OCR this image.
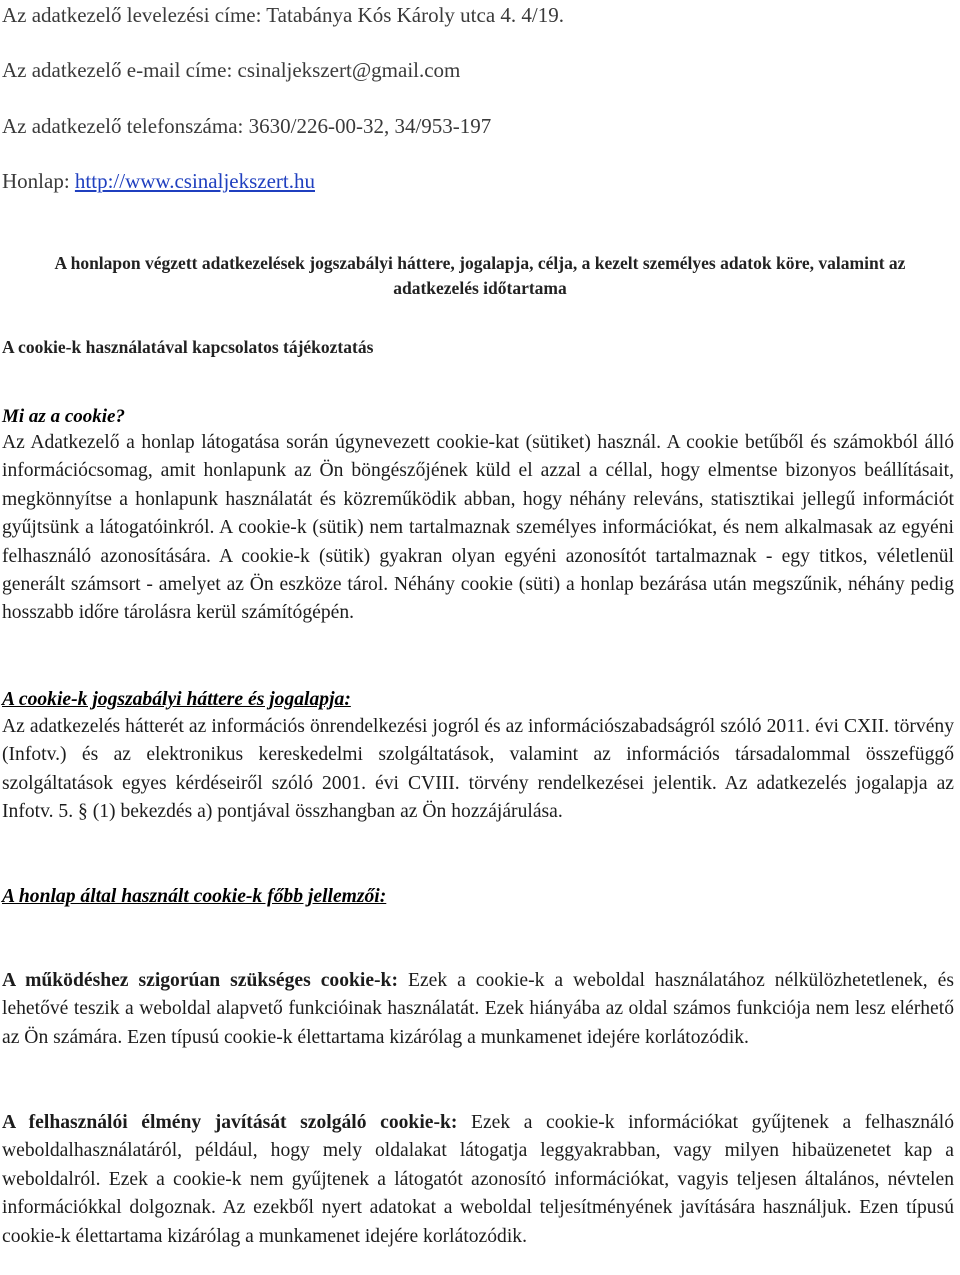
Az adatkezelő levelezési címe: Tatabánya Kós Károly utca 4. 4/19.
Az adatkezelő e-mail címe: csinaljekszert@gmail.com
Az adatkezelő telefonszáma: 3630/226-00-32, 34/953-197
Honlap: http://www.csinaljekszert.hu
A honlapon végzett adatkezelések jogszabályi háttere, jogalapja, célja, a kezelt személyes adatok köre, valamint az
adatkezelés időtartama
A cookie-k használatával kapcsolatos tájékoztatás
Mi az a cookie?
Az Adatkezelő a honlap látogatása során úgynevezett cookie-kat (sütiket) használ. A cookie betűből és számokból álló információcsomag, amit honlapunk az Ön böngészőjének küld el azzal a céllal, hogy elmentse bizonyos beállításait, megkönnyítse a honlapunk használatát és közreműködik abban, hogy néhány releváns, statisztikai jellegű információt gyűjtsünk a látogatóinkról. A cookie-k (sütik) nem tartalmaznak személyes információkat, és nem alkalmasak az egyéni felhasználó azonosítására. A cookie-k (sütik) gyakran olyan egyéni azonosítót tartalmaznak - egy titkos, véletlenül generált számsort - amelyet az Ön eszköze tárol. Néhány cookie (süti) a honlap bezárása után megszűnik, néhány pedig hosszabb időre tárolásra kerül számítógépén.
A cookie-k jogszabályi háttere és jogalapja:
Az adatkezelés hátterét az információs önrendelkezési jogról és az információszabadságról szóló 2011. évi CXII. törvény (Infotv.) és az elektronikus kereskedelmi szolgáltatások, valamint az információs társadalommal összefüggő szolgáltatások egyes kérdéseiről szóló 2001. évi CVIII. törvény rendelkezései jelentik. Az adatkezelés jogalapja az Infotv. 5. § (1) bekezdés a) pontjával összhangban az Ön hozzájárulása.
A honlap által használt cookie-k főbb jellemzői:
A működéshez szigorúan szükséges cookie-k: Ezek a cookie-k a weboldal használatához nélkülözhetetlenek, és lehetővé teszik a weboldal alapvető funkcióinak használatát. Ezek hiányába az oldal számos funkciója nem lesz elérhető az Ön számára. Ezen típusú cookie-k élettartama kizárólag a munkamenet idejére korlátozódik.
A felhasználói élmény javítását szolgáló cookie-k: Ezek a cookie-k információkat gyűjtenek a felhasználó weboldalhasználatáról, például, hogy mely oldalakat látogatja leggyakrabban, vagy milyen hibaüzenetet kap a weboldalról. Ezek a cookie-k nem gyűjtenek a látogatót azonosító információkat, vagyis teljesen általános, névtelen információkkal dolgoznak. Az ezekből nyert adatokat a weboldal teljesítményének javítására használjuk. Ezen típusú cookie-k élettartama kizárólag a munkamenet idejére korlátozódik.
